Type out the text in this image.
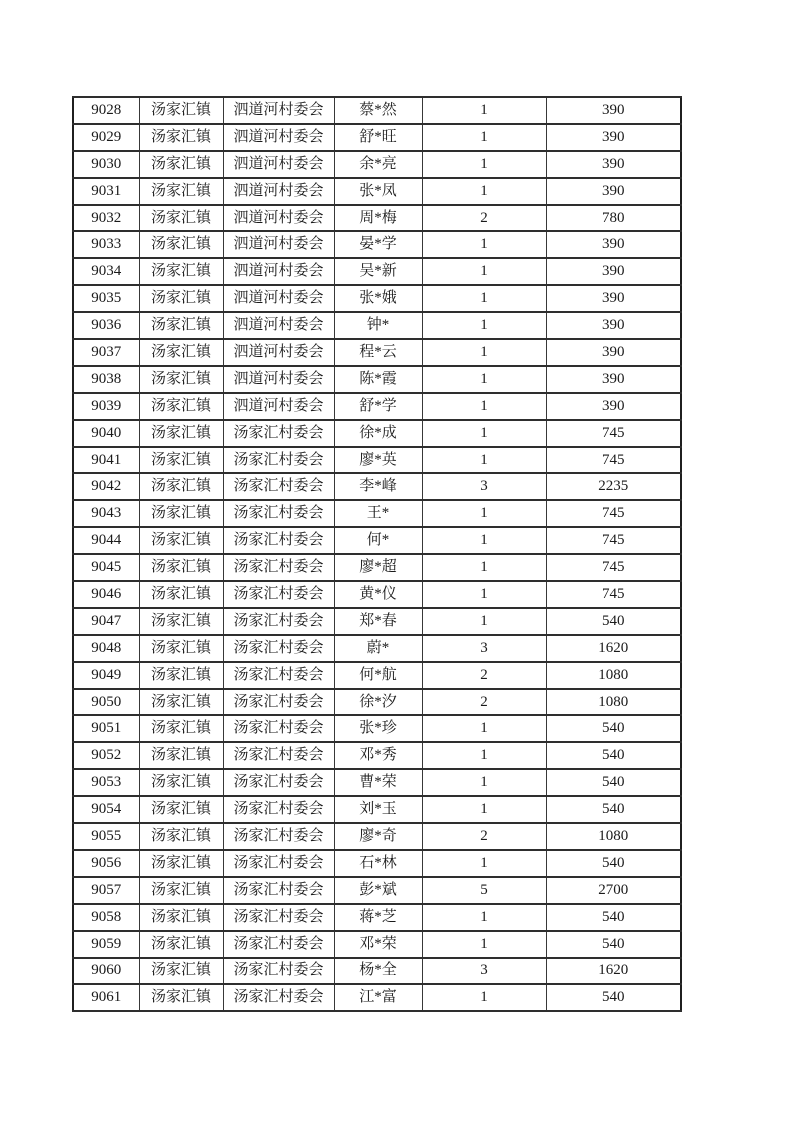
9028	汤家汇镇	泗道河村委会	蔡*然	1	390
9029	汤家汇镇	泗道河村委会	舒*旺	1	390
9030	汤家汇镇	泗道河村委会	余*亮	1	390
9031	汤家汇镇	泗道河村委会	张*凤	1	390
9032	汤家汇镇	泗道河村委会	周*梅	2	780
9033	汤家汇镇	泗道河村委会	晏*学	1	390
9034	汤家汇镇	泗道河村委会	吴*新	1	390
9035	汤家汇镇	泗道河村委会	张*娥	1	390
9036	汤家汇镇	泗道河村委会	钟*	1	390
9037	汤家汇镇	泗道河村委会	程*云	1	390
9038	汤家汇镇	泗道河村委会	陈*霞	1	390
9039	汤家汇镇	泗道河村委会	舒*学	1	390
9040	汤家汇镇	汤家汇村委会	徐*成	1	745
9041	汤家汇镇	汤家汇村委会	廖*英	1	745
9042	汤家汇镇	汤家汇村委会	李*峰	3	2235
9043	汤家汇镇	汤家汇村委会	王*	1	745
9044	汤家汇镇	汤家汇村委会	何*	1	745
9045	汤家汇镇	汤家汇村委会	廖*超	1	745
9046	汤家汇镇	汤家汇村委会	黄*仪	1	745
9047	汤家汇镇	汤家汇村委会	郑*春	1	540
9048	汤家汇镇	汤家汇村委会	蔚*	3	1620
9049	汤家汇镇	汤家汇村委会	何*航	2	1080
9050	汤家汇镇	汤家汇村委会	徐*汐	2	1080
9051	汤家汇镇	汤家汇村委会	张*珍	1	540
9052	汤家汇镇	汤家汇村委会	邓*秀	1	540
9053	汤家汇镇	汤家汇村委会	曹*荣	1	540
9054	汤家汇镇	汤家汇村委会	刘*玉	1	540
9055	汤家汇镇	汤家汇村委会	廖*奇	2	1080
9056	汤家汇镇	汤家汇村委会	石*林	1	540
9057	汤家汇镇	汤家汇村委会	彭*斌	5	2700
9058	汤家汇镇	汤家汇村委会	蒋*芝	1	540
9059	汤家汇镇	汤家汇村委会	邓*荣	1	540
9060	汤家汇镇	汤家汇村委会	杨*全	3	1620
9061	汤家汇镇	汤家汇村委会	江*富	1	540
